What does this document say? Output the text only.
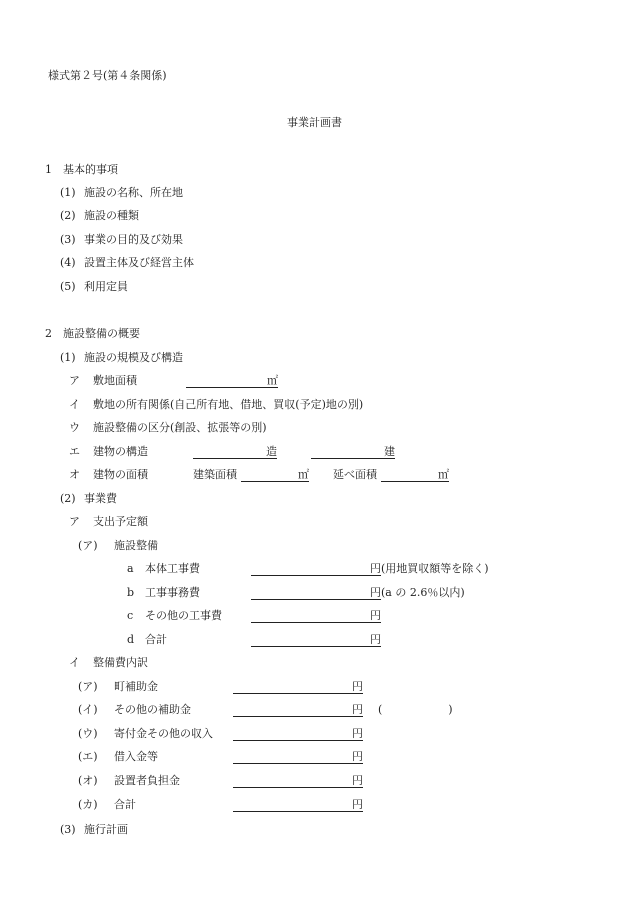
様式第２号(第４条関係)
事業計画書
1　基本的事項
(1) 施設の名称、所在地
(2) 施設の種類
(3) 事業の目的及び効果
(4) 設置主体及び経営主体
(5) 利用定員
2　施設整備の概要
(1) 施設の規模及び構造
ア 敷地面積	㎡
イ 敷地の所有関係(自己所有地、借地、買収(予定)地の別)
ウ 施設整備の区分(創設、拡張等の別)
エ 建物の構造	造	建
オ 建物の面積	建築面積	㎡ 延べ面積	㎡
(2) 事業費
ア 支出予定額
(ア) 施設整備
a 本体工事費	円 (用地買収額等を除く)
b 工事事務費	円 (a の 2.6％以内)
c その他の工事費	円
d 合計	円
イ 整備費内訳
(ア) 町補助金	円
(イ) その他の補助金	円 (　　　　　　)
(ウ) 寄付金その他の収入	円
(エ) 借入金等	円
(オ) 設置者負担金	円
(カ) 合計	円
(3) 施行計画
